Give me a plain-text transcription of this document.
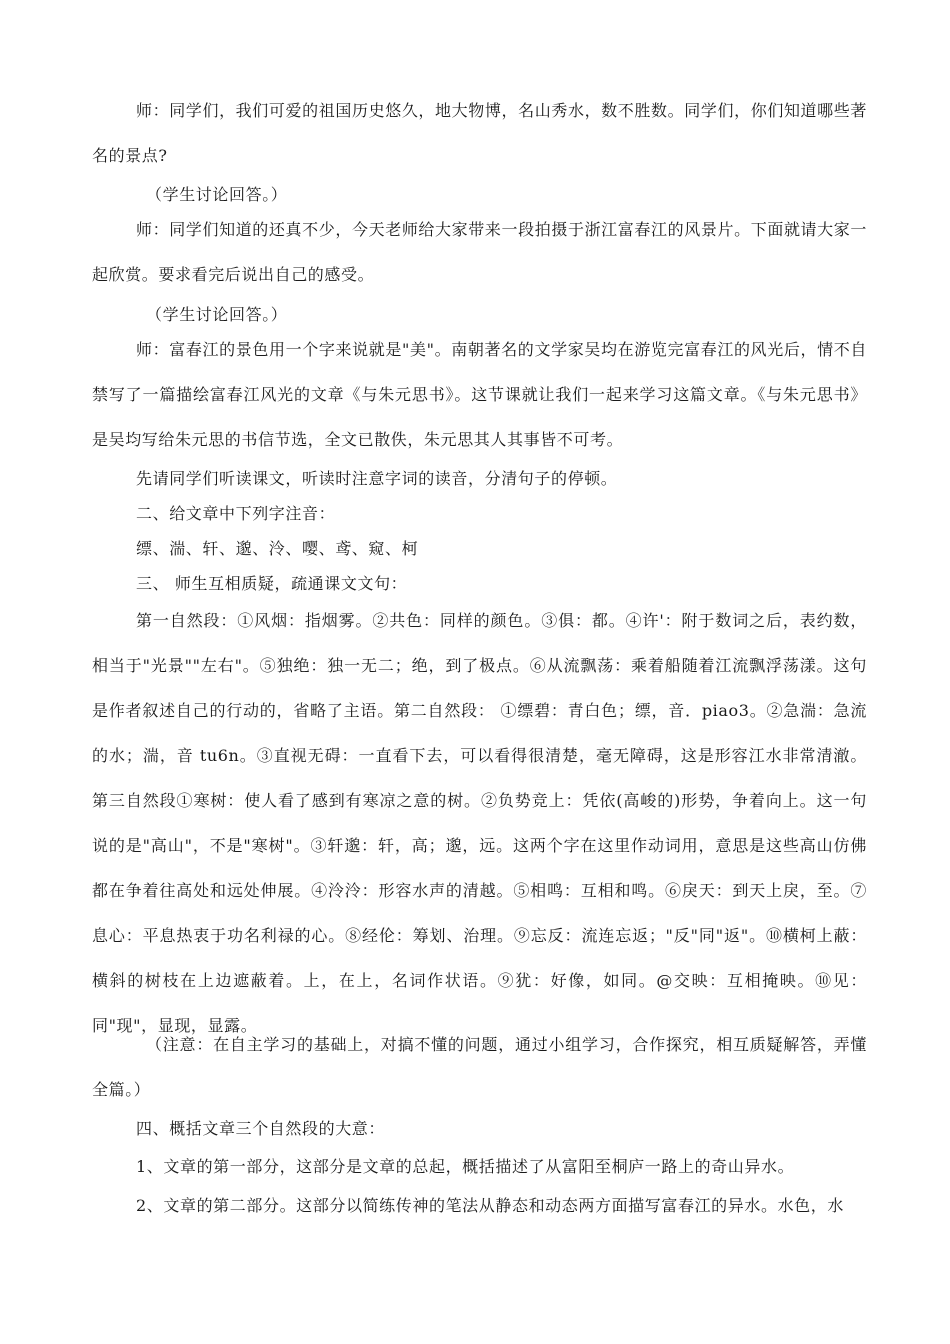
师：同学们，我们可爱的祖国历史悠久，地大物博，名山秀水，数不胜数。同学们，你们知道哪些著名的景点?

（学生讨论回答。）

师：同学们知道的还真不少，今天老师给大家带来一段拍摄于浙江富春江的风景片。下面就请大家一起欣赏。要求看完后说出自己的感受。

（学生讨论回答。）

师：富春江的景色用一个字来说就是"美"。南朝著名的文学家吴均在游览完富春江的风光后，情不自禁写了一篇描绘富春江风光的文章《与朱元思书》。这节课就让我们一起来学习这篇文章。《与朱元思书》是吴均写给朱元思的书信节选，全文已散佚，朱元思其人其事皆不可考。

先请同学们听读课文，听读时注意字词的读音，分清句子的停顿。

二、给文章中下列字注音：

缥、湍、轩、邈、泠、嘤、鸢、窥、柯

三、 师生互相质疑，疏通课文文句：

第一自然段：①风烟：指烟雾。②共色：同样的颜色。③俱：都。④许'：附于数词之后，表约数，相当于"光景""左右"。⑤独绝：独一无二；绝，到了极点。⑥从流飘荡：乘着船随着江流飘浮荡漾。这句是作者叙述自己的行动的，省略了主语。第二自然段： ①缥碧：青白色；缥，音．piao3。②急湍：急流的水；湍，音 tu6n。③直视无碍：一直看下去，可以看得很清楚，毫无障碍，这是形容江水非常清澈。第三自然段①寒树：使人看了感到有寒凉之意的树。②负势竞上：凭依(高峻的)形势，争着向上。这一句说的是"高山"，不是"寒树"。③轩邈：轩，高；邈，远。这两个字在这里作动词用，意思是这些高山仿佛都在争着往高处和远处伸展。④泠泠：形容水声的清越。⑤相鸣：互相和鸣。⑥戾天：到天上戾，至。⑦息心：平息热衷于功名利禄的心。⑧经伦：筹划、治理。⑨忘反：流连忘返；"反"同"返"。⑩横柯上蔽：横斜的树枝在上边遮蔽着。上，在上，名词作状语。⑨犹：好像，如同。@交映：互相掩映。⑩见：同"现"，显现，显露。

（注意：在自主学习的基础上，对搞不懂的问题，通过小组学习，合作探究，相互质疑解答，弄懂全篇。）

四、概括文章三个自然段的大意：

1、文章的第一部分，这部分是文章的总起，概括描述了从富阳至桐庐一路上的奇山异水。

2、文章的第二部分。这部分以简练传神的笔法从静态和动态两方面描写富春江的异水。水色，水
